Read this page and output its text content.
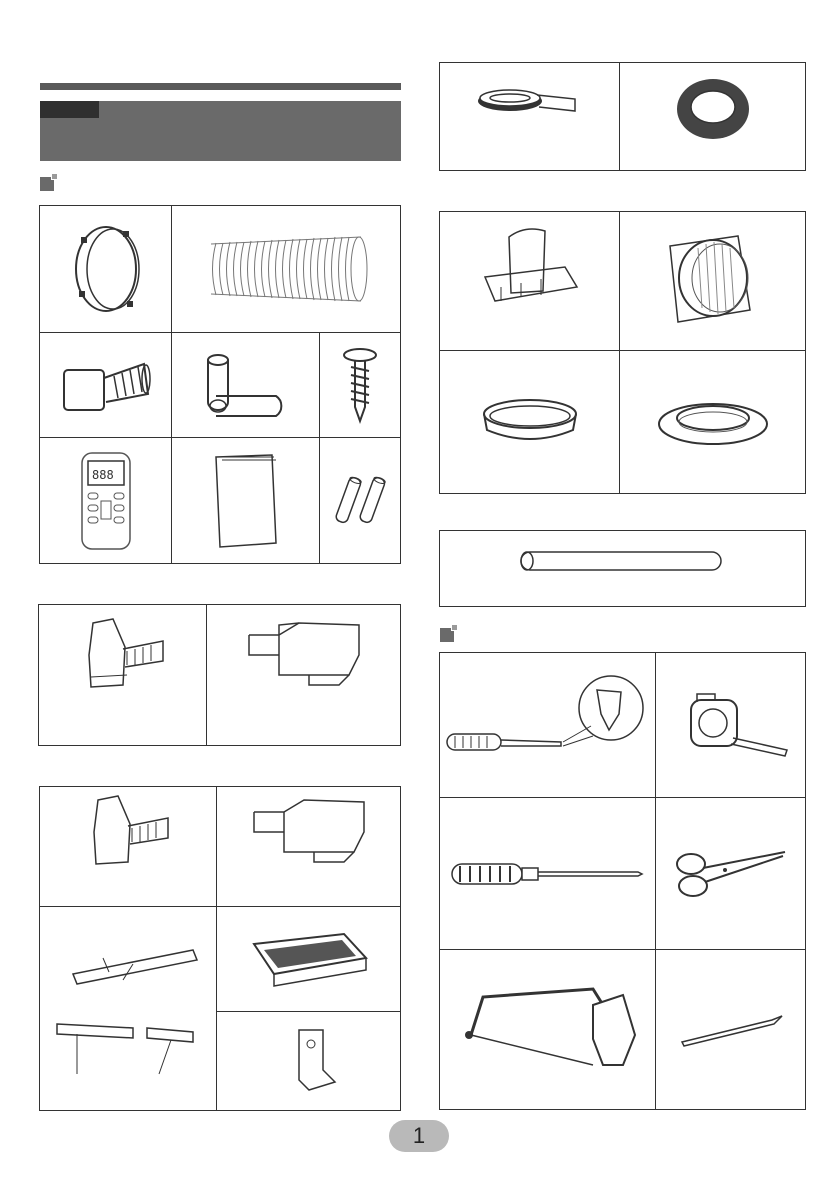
888
1
